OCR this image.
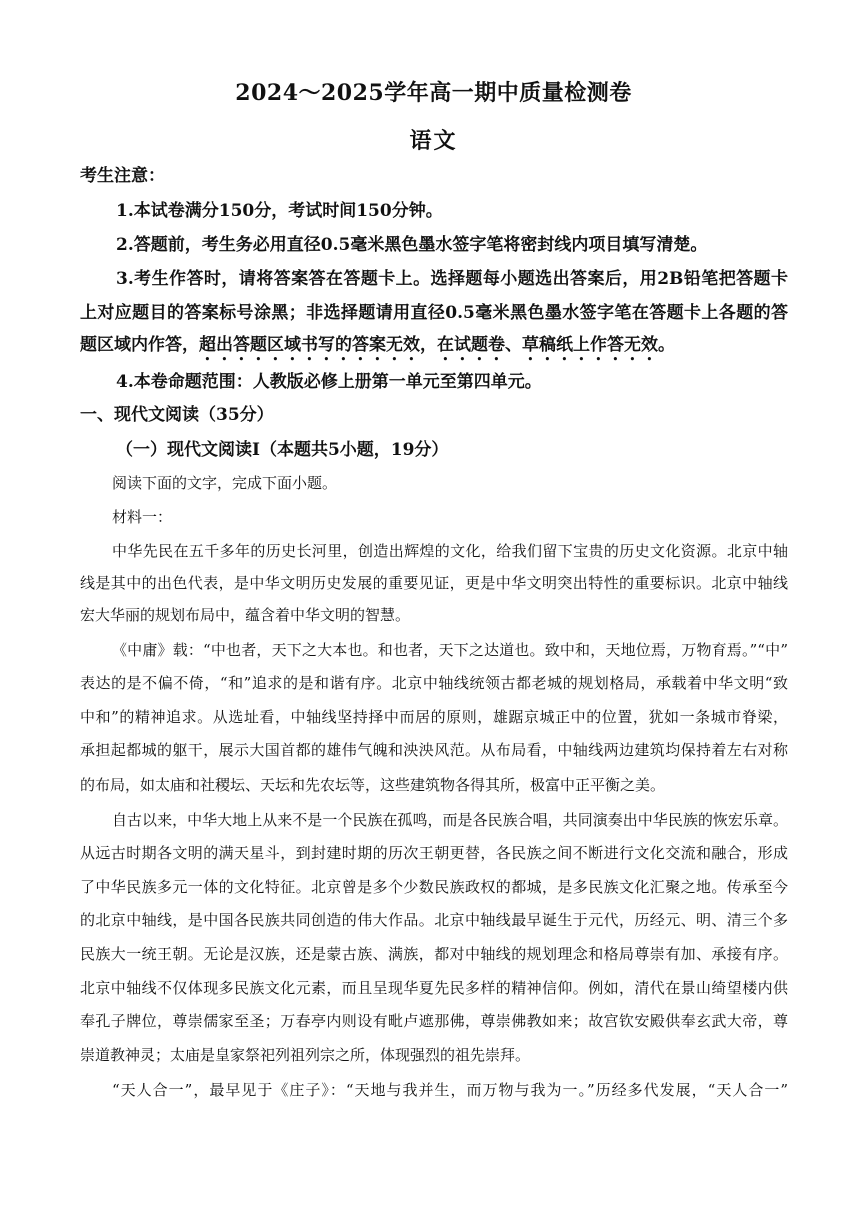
2024～2025学年高一期中质量检测卷
语文

考生注意：

1.本试卷满分150分，考试时间150分钟。

2.答题前，考生务必用直径0.5毫米黑色墨水签字笔将密封线内项目填写清楚。

3.考生作答时，请将答案答在答题卡上。选择题每小题选出答案后，用2B铅笔把答题卡

上对应题目的答案标号涂黑；非选择题请用直径0.5毫米黑色墨水签字笔在答题卡上各题的答

题区域内作答，超出答题区域书写的答案无效，在试题卷、草稿纸上作答无效。

4.本卷命题范围：人教版必修上册第一单元至第四单元。

一、现代文阅读（35分）

（一）现代文阅读Ⅰ（本题共5小题，19分）

阅读下面的文字，完成下面小题。

材料一：

中华先民在五千多年的历史长河里，创造出辉煌的文化，给我们留下宝贵的历史文化资源。北京中轴

线是其中的出色代表，是中华文明历史发展的重要见证，更是中华文明突出特性的重要标识。北京中轴线

宏大华丽的规划布局中，蕴含着中华文明的智慧。

《中庸》载：“中也者，天下之大本也。和也者，天下之达道也。致中和，天地位焉，万物育焉。”“中”

表达的是不偏不倚，“和”追求的是和谐有序。北京中轴线统领古都老城的规划格局，承载着中华文明“致

中和”的精神追求。从选址看，中轴线坚持择中而居的原则，雄踞京城正中的位置，犹如一条城市脊梁，

承担起都城的躯干，展示大国首都的雄伟气魄和泱泱风范。从布局看，中轴线两边建筑均保持着左右对称

的布局，如太庙和社稷坛、天坛和先农坛等，这些建筑物各得其所，极富中正平衡之美。

自古以来，中华大地上从来不是一个民族在孤鸣，而是各民族合唱，共同演奏出中华民族的恢宏乐章。

从远古时期各文明的满天星斗，到封建时期的历次王朝更替，各民族之间不断进行文化交流和融合，形成

了中华民族多元一体的文化特征。北京曾是多个少数民族政权的都城，是多民族文化汇聚之地。传承至今

的北京中轴线，是中国各民族共同创造的伟大作品。北京中轴线最早诞生于元代，历经元、明、清三个多

民族大一统王朝。无论是汉族，还是蒙古族、满族，都对中轴线的规划理念和格局尊崇有加、承接有序。

北京中轴线不仅体现多民族文化元素，而且呈现华夏先民多样的精神信仰。例如，清代在景山绮望楼内供

奉孔子牌位，尊崇儒家至圣；万春亭内则设有毗卢遮那佛，尊崇佛教如来；故宫钦安殿供奉玄武大帝，尊

崇道教神灵；太庙是皇家祭祀列祖列宗之所，体现强烈的祖先崇拜。

“天人合一”，最早见于《庄子》：“天地与我并生，而万物与我为一。”历经多代发展，“天人合一”
